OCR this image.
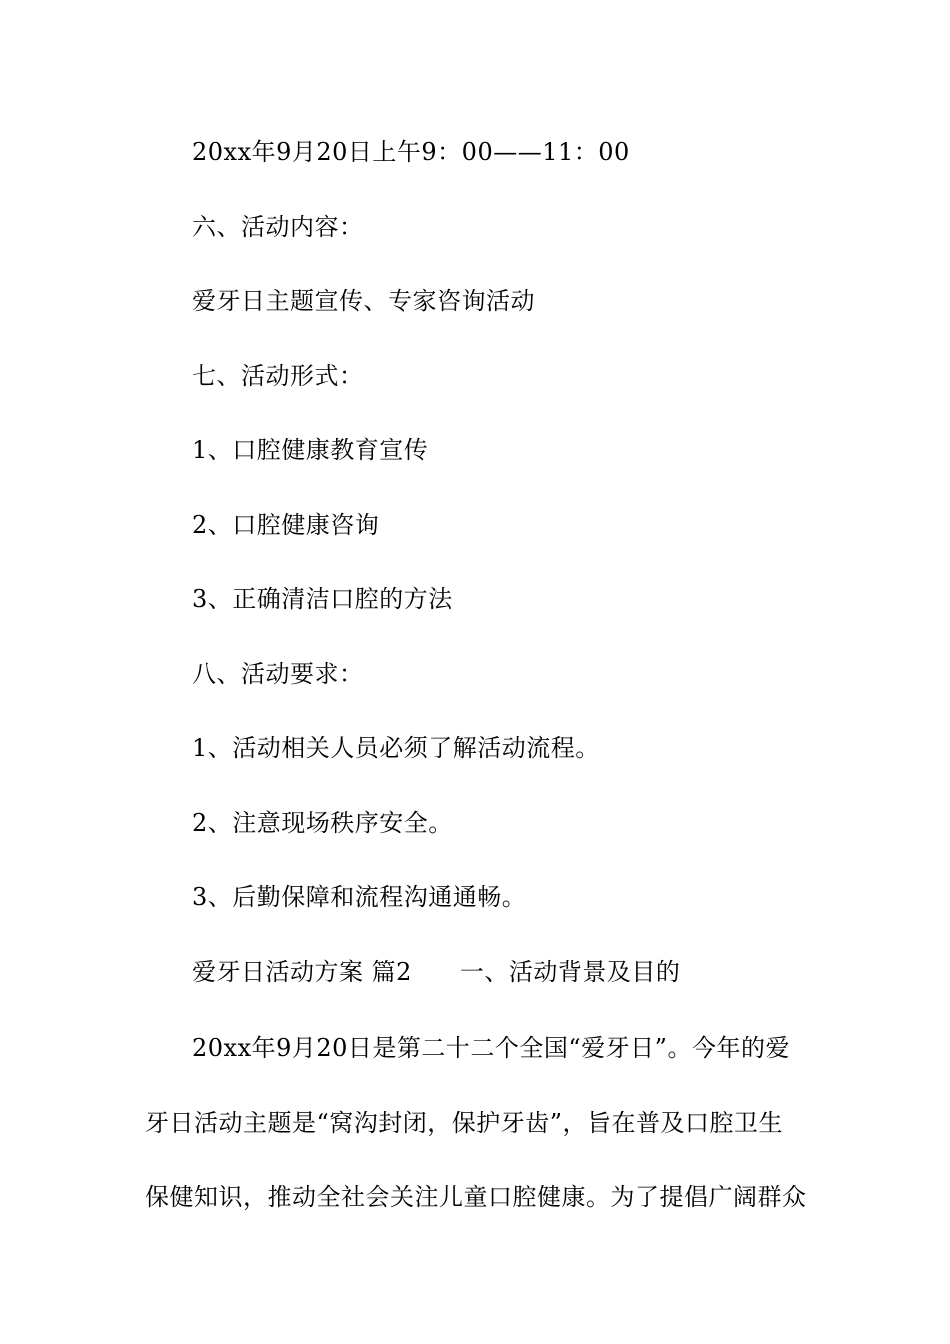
20xx年9月20日上午9：00——11：00
六、活动内容：
爱牙日主题宣传、专家咨询活动
七、活动形式：
1、口腔健康教育宣传
2、口腔健康咨询
3、正确清洁口腔的方法
八、活动要求：
1、活动相关人员必须了解活动流程。
2、注意现场秩序安全。
3、后勤保障和流程沟通通畅。
爱牙日活动方案 篇2 一、活动背景及目的
20xx年9月20日是第二十二个全国“爱牙日”。今年的爱
牙日活动主题是“窝沟封闭，保护牙齿”，旨在普及口腔卫生
保健知识，推动全社会关注儿童口腔健康。为了提倡广阔群众
